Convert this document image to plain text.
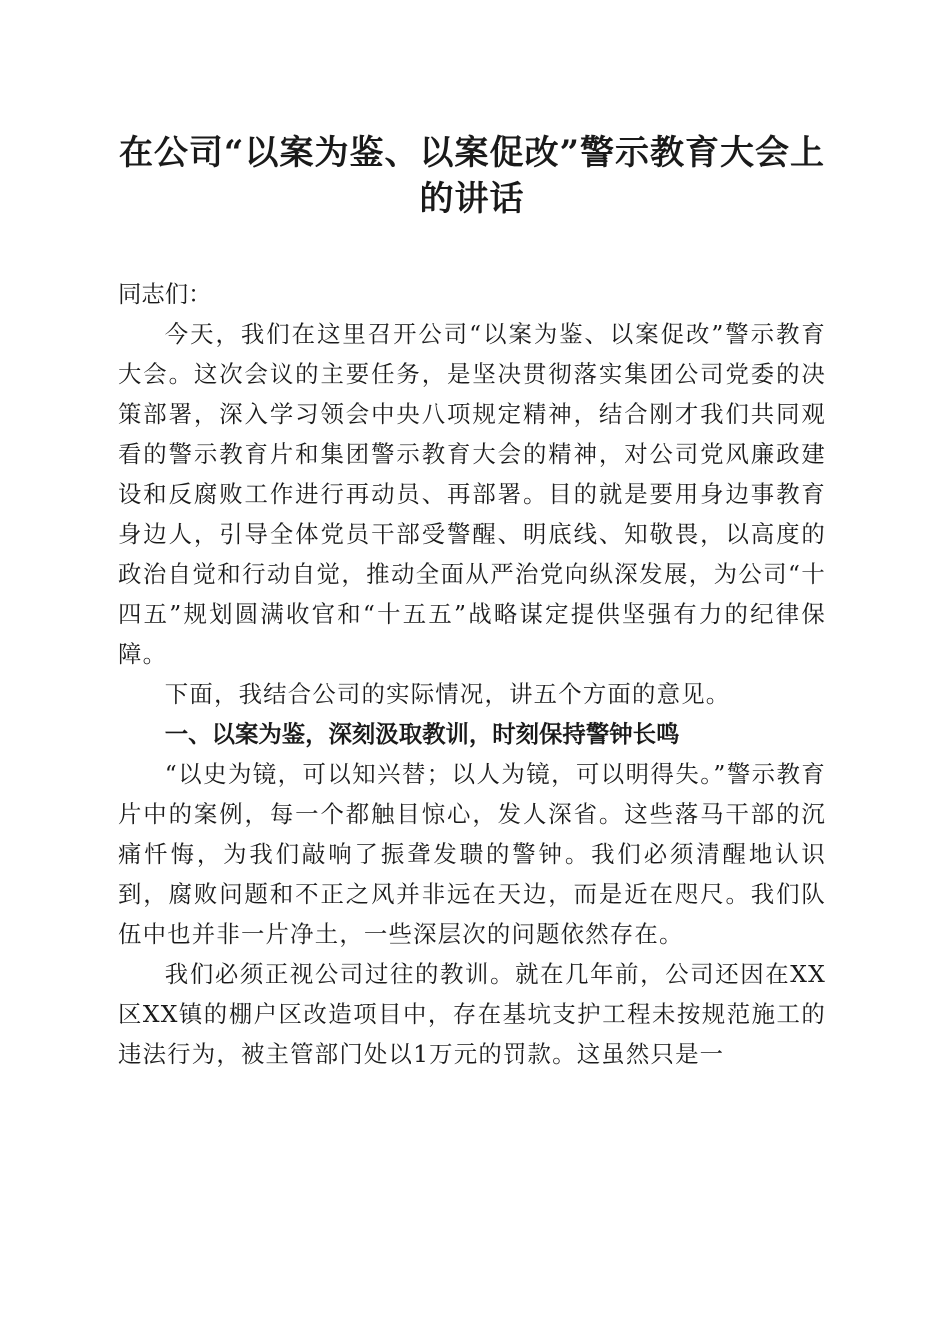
在公司“以案为鉴、以案促改”警示教育大会上的讲话

同志们：

今天，我们在这里召开公司“以案为鉴、以案促改”警示教育大会。这次会议的主要任务，是坚决贯彻落实集团公司党委的决策部署，深入学习领会中央八项规定精神，结合刚才我们共同观看的警示教育片和集团警示教育大会的精神，对公司党风廉政建设和反腐败工作进行再动员、再部署。目的就是要用身边事教育身边人，引导全体党员干部受警醒、明底线、知敬畏，以高度的政治自觉和行动自觉，推动全面从严治党向纵深发展，为公司“十四五”规划圆满收官和“十五五”战略谋定提供坚强有力的纪律保障。

下面，我结合公司的实际情况，讲五个方面的意见。

一、以案为鉴，深刻汲取教训，时刻保持警钟长鸣

“以史为镜，可以知兴替；以人为镜，可以明得失。”警示教育片中的案例，每一个都触目惊心，发人深省。这些落马干部的沉痛忏悔，为我们敲响了振聋发聩的警钟。我们必须清醒地认识到，腐败问题和不正之风并非远在天边，而是近在咫尺。我们队伍中也并非一片净土，一些深层次的问题依然存在。

我们必须正视公司过往的教训。就在几年前，公司还因在XX区XX镇的棚户区改造项目中，存在基坑支护工程未按规范施工的违法行为，被主管部门处以1万元的罚款。这虽然只是一
